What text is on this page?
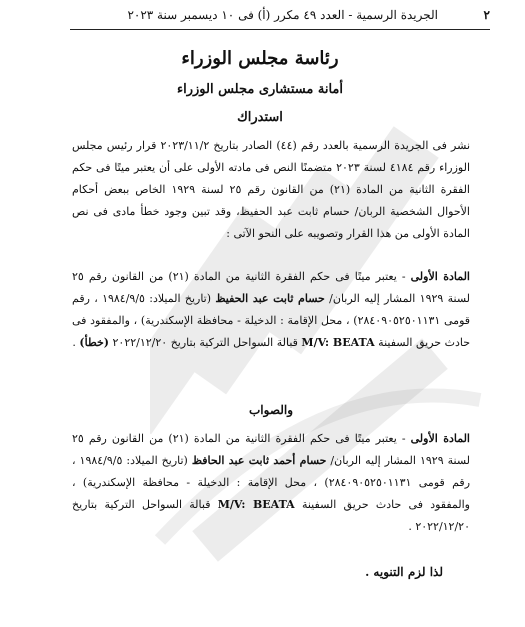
٢
الجريدة الرسمية - العدد ٤٩ مكرر (أ) فى ١٠ ديسمبر سنة ٢٠٢٣
رئاسة مجلس الوزراء
أمانة مستشارى مجلس الوزراء
استدراك
نشر فى الجريدة الرسمية بالعدد رقم (٤٤) الصادر بتاريخ ٢٠٢٣/١١/٢ قرار رئيس مجلس الوزراء رقم ٤١٨٤ لسنة ٢٠٢٣ متضمنًا النص فى مادته الأولى على أن يعتبر ميتًا فى حكم الفقرة الثانية من المادة (٢١) من القانون رقم ٢٥ لسنة ١٩٢٩ الخاص ببعض أحكام الأحوال الشخصية الربان/ حسام ثابت عبد الحفيظ، وقد تبين وجود خطأ مادى فى نص المادة الأولى من هذا القرار وتصويبه على النحو الآتى :
المادة الأولى - يعتبر ميتًا فى حكم الفقرة الثانية من المادة (٢١) من القانون رقم ٢٥ لسنة ١٩٢٩ المشار إليه الربان/ حسام ثابت عبد الحفيظ (تاريخ الميلاد: ١٩٨٤/٩/٥ ، رقم قومى ٢٨٤٠٩٠٥٢٥٠١١٣١) ، محل الإقامة : الدخيلة - محافظة الإسكندرية) ، والمفقود فى حادث حريق السفينة M/V: BEATA قبالة السواحل التركية بتاريخ ٢٠٢٢/١٢/٢٠ (خطأ) .
والصواب
المادة الأولى - يعتبر ميتًا فى حكم الفقرة الثانية من المادة (٢١) من القانون رقم ٢٥ لسنة ١٩٢٩ المشار إليه الربان/ حسام أحمد ثابت عبد الحافظ (تاريخ الميلاد: ١٩٨٤/٩/٥ ، رقم قومى ٢٨٤٠٩٠٥٢٥٠١١٣١) ، محل الإقامة : الدخيلة - محافظة الإسكندرية) ، والمفقود فى حادث حريق السفينة M/V: BEATA قبالة السواحل التركية بتاريخ ٢٠٢٢/١٢/٢٠ .
لذا لزم التنويه .
